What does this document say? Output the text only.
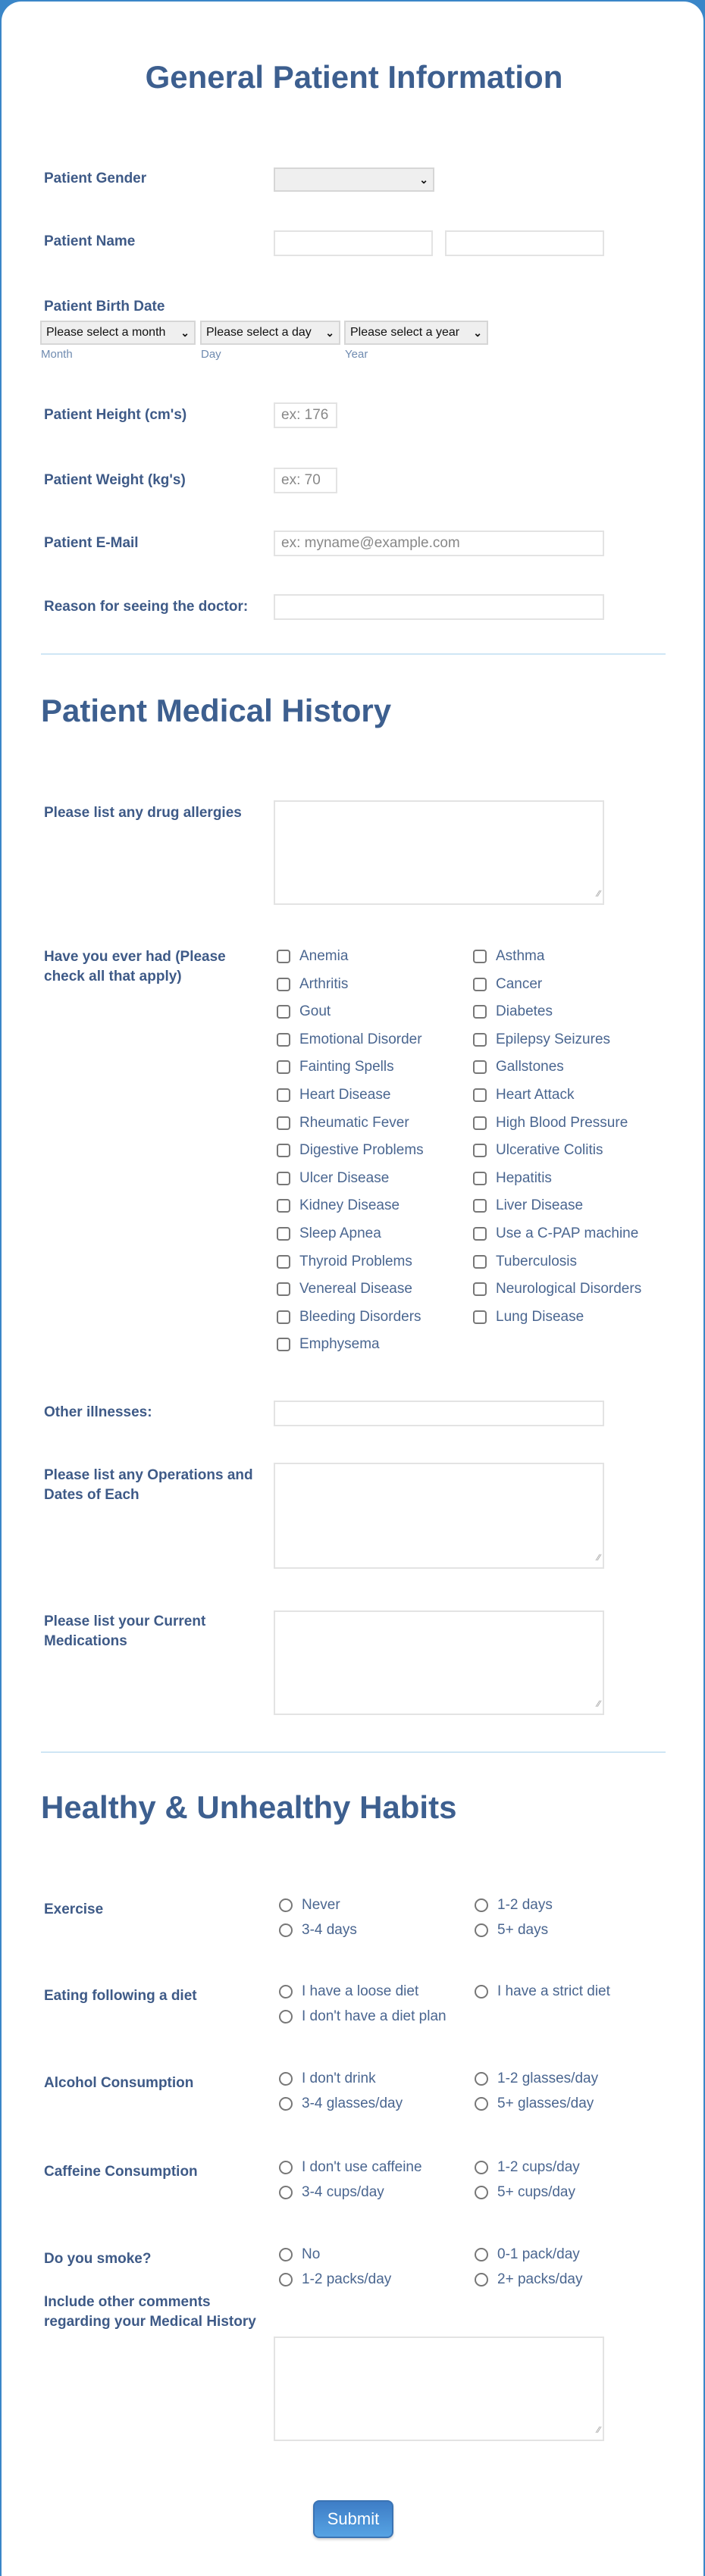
General Patient Information
Patient Gender	⌄
Patient Name
Patient Birth Date
Please select a month ⌄ Please select a day ⌄ Please select a year ⌄
Month	Day	Year
Patient Height (cm's)	ex: 176
Patient Weight (kg's)	ex: 70
Patient E-Mail	ex: myname@example.com
Reason for seeing the doctor:
Patient Medical History
Please list any drug allergies
∕∕
Have you ever had (Please check all that apply)
Anemia	Asthma
Arthritis	Cancer
Gout	Diabetes
Emotional Disorder	Epilepsy Seizures
Fainting Spells	Gallstones
Heart Disease	Heart Attack
Rheumatic Fever	High Blood Pressure
Digestive Problems	Ulcerative Colitis
Ulcer Disease	Hepatitis
Kidney Disease	Liver Disease
Sleep Apnea	Use a C-PAP machine
Thyroid Problems	Tuberculosis
Venereal Disease	Neurological Disorders
Bleeding Disorders	Lung Disease
Emphysema
Other illnesses:
Please list any Operations and Dates of Each
∕∕
Please list your Current Medications
∕∕
Healthy & Unhealthy Habits
Exercise	Never	1-2 days
3-4 days	5+ days
Eating following a diet	I have a loose diet	I have a strict diet
I don't have a diet plan
Alcohol Consumption	I don't drink	1-2 glasses/day
3-4 glasses/day	5+ glasses/day
Caffeine Consumption	I don't use caffeine	1-2 cups/day
3-4 cups/day	5+ cups/day
Do you smoke?	No	0-1 pack/day
1-2 packs/day	2+ packs/day
Include other comments regarding your Medical History
∕∕
Submit
